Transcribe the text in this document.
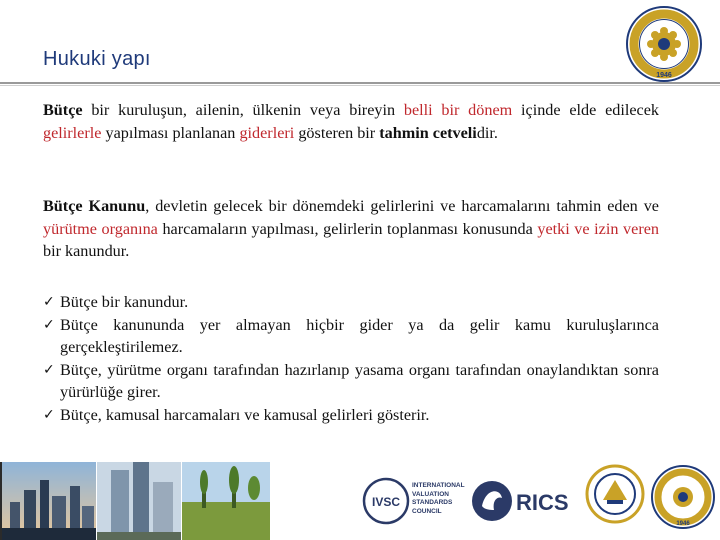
Hukuki yapı
1946
Bütçe bir kuruluşun, ailenin, ülkenin veya bireyin belli bir dönem içinde elde edilecek gelirlerle yapılması planlanan giderleri gösteren bir tahmin cetvelidir.
Bütçe Kanunu, devletin gelecek bir dönemdeki gelirlerini ve harcamalarını tahmin eden ve yürütme organına harcamaların yapılması, gelirlerin toplanması konusunda yetki ve izin veren bir kanundur.
✓ Bütçe bir kanundur.
✓ Bütçe kanununda yer almayan hiçbir gider ya da gelir kamu kuruluşlarınca gerçekleştirilemez.
✓ Bütçe, yürütme organı tarafından hazırlanıp yasama organı tarafından onaylandıktan sonra yürürlüğe girer.
✓ Bütçe, kamusal harcamaları ve kamusal gelirleri gösterir.
IVSC
INTERNATIONAL VALUATION STANDARDS COUNCIL	RICS
1946
